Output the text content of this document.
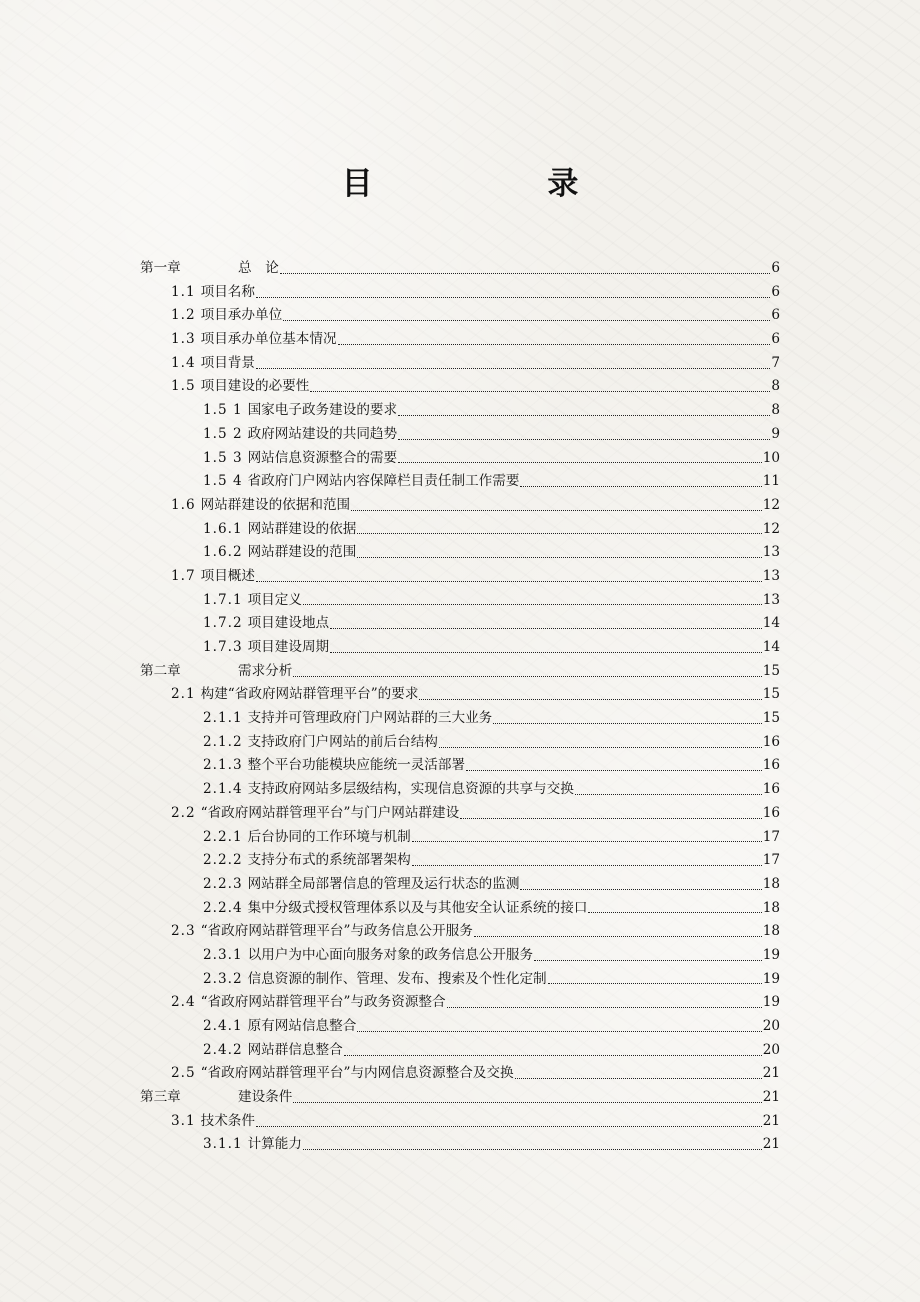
目 录
第一章	总　论	6
1.1 项目名称	6
1.2 项目承办单位	6
1.3 项目承办单位基本情况	6
1.4 项目背景	7
1.5 项目建设的必要性	8
1.5 1 国家电子政务建设的要求	8
1.5 2 政府网站建设的共同趋势	9
1.5 3 网站信息资源整合的需要	10
1.5 4 省政府门户网站内容保障栏目责任制工作需要	11
1.6 网站群建设的依据和范围	12
1.6.1 网站群建设的依据	12
1.6.2 网站群建设的范围	13
1.7 项目概述	13
1.7.1 项目定义	13
1.7.2 项目建设地点	14
1.7.3 项目建设周期	14
第二章	需求分析	15
2.1 构建“省政府网站群管理平台”的要求	15
2.1.1 支持并可管理政府门户网站群的三大业务	15
2.1.2 支持政府门户网站的前后台结构	16
2.1.3 整个平台功能模块应能统一灵活部署	16
2.1.4 支持政府网站多层级结构，实现信息资源的共享与交换	16
2.2 “省政府网站群管理平台”与门户网站群建设	16
2.2.1 后台协同的工作环境与机制	17
2.2.2 支持分布式的系统部署架构	17
2.2.3 网站群全局部署信息的管理及运行状态的监测	18
2.2.4 集中分级式授权管理体系以及与其他安全认证系统的接口	18
2.3 “省政府网站群管理平台”与政务信息公开服务	18
2.3.1 以用户为中心面向服务对象的政务信息公开服务	19
2.3.2 信息资源的制作、管理、发布、搜索及个性化定制	19
2.4 “省政府网站群管理平台”与政务资源整合	19
2.4.1 原有网站信息整合	20
2.4.2 网站群信息整合	20
2.5 “省政府网站群管理平台”与内网信息资源整合及交换	21
第三章	建设条件	21
3.1 技术条件	21
3.1.1 计算能力	21
